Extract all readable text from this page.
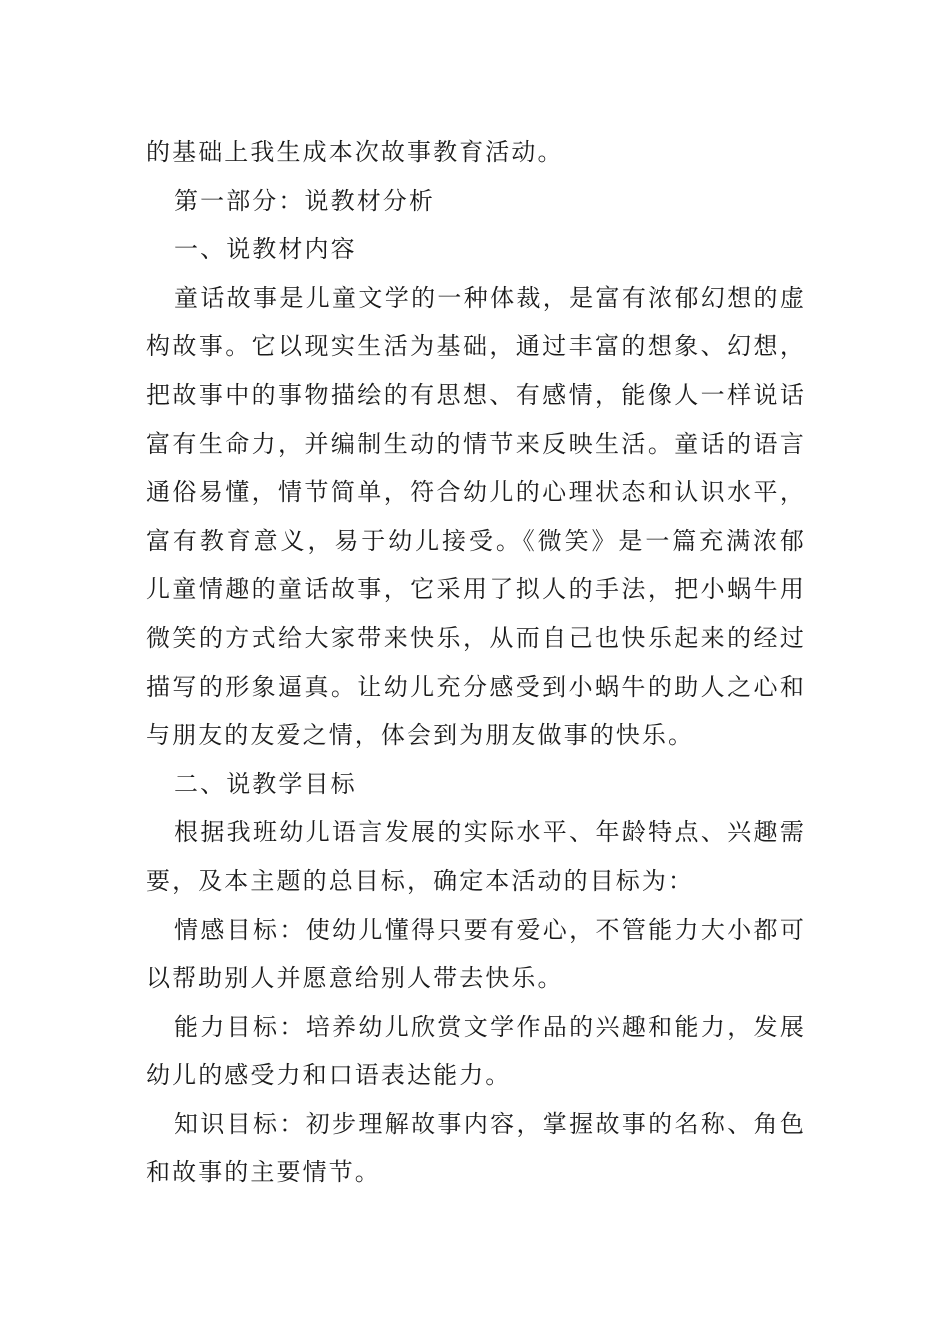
的基础上我生成本次故事教育活动。

第一部分：说教材分析

一、说教材内容

童话故事是儿童文学的一种体裁，是富有浓郁幻想的虚构故事。它以现实生活为基础，通过丰富的想象、幻想，把故事中的事物描绘的有思想、有感情，能像人一样说话富有生命力，并编制生动的情节来反映生活。童话的语言通俗易懂，情节简单，符合幼儿的心理状态和认识水平，富有教育意义，易于幼儿接受。《微笑》是一篇充满浓郁儿童情趣的童话故事，它采用了拟人的手法，把小蜗牛用微笑的方式给大家带来快乐，从而自己也快乐起来的经过描写的形象逼真。让幼儿充分感受到小蜗牛的助人之心和与朋友的友爱之情，体会到为朋友做事的快乐。

二、说教学目标

根据我班幼儿语言发展的实际水平、年龄特点、兴趣需要，及本主题的总目标，确定本活动的目标为：

情感目标：使幼儿懂得只要有爱心，不管能力大小都可以帮助别人并愿意给别人带去快乐。

能力目标：培养幼儿欣赏文学作品的兴趣和能力，发展幼儿的感受力和口语表达能力。

知识目标：初步理解故事内容，掌握故事的名称、角色和故事的主要情节。
